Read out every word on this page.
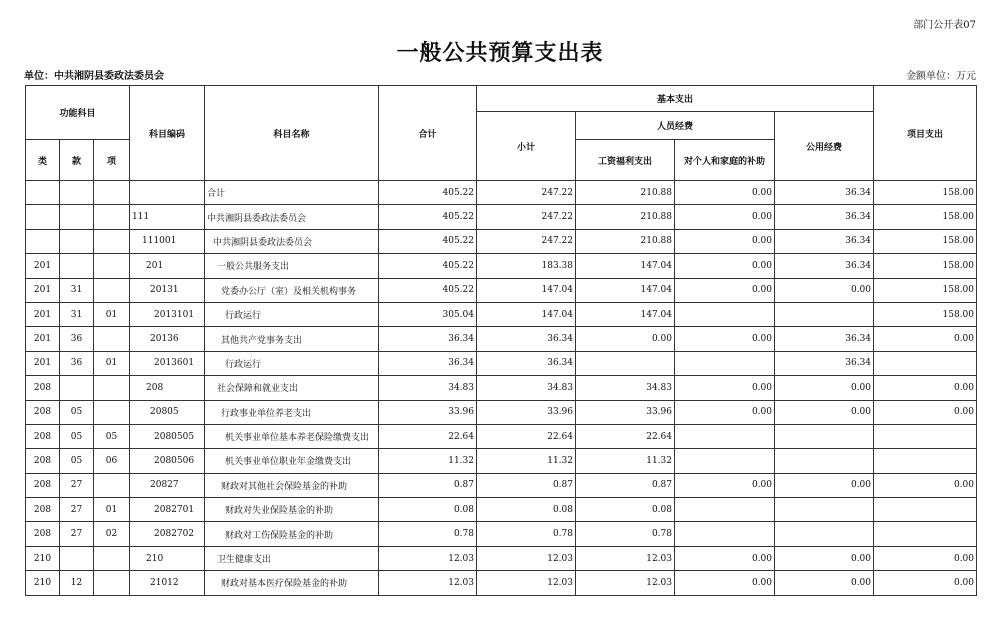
部门公开表07
一般公共预算支出表
单位：中共湘阴县委政法委员会	金额单位：万元
功能科目			科目编码	科目名称	合计	基本支出				项目支出
						小计	人员经费		公用经费	
类	款	项					工资福利支出	对个人和家庭的补助		
				合计	405.22	247.22	210.88	0.00	36.34	158.00
			111	中共湘阴县委政法委员会	405.22	247.22	210.88	0.00	36.34	158.00
			111001	中共湘阴县委政法委员会	405.22	247.22	210.88	0.00	36.34	158.00
201			201	一般公共服务支出	405.22	183.38	147.04	0.00	36.34	158.00
201	31		20131	党委办公厅（室）及相关机构事务	405.22	147.04	147.04	0.00	0.00	158.00
201	31	01	2013101	行政运行	305.04	147.04	147.04			158.00
201	36		20136	其他共产党事务支出	36.34	36.34	0.00	0.00	36.34	0.00
201	36	01	2013601	行政运行	36.34	36.34			36.34	
208			208	社会保障和就业支出	34.83	34.83	34.83	0.00	0.00	0.00
208	05		20805	行政事业单位养老支出	33.96	33.96	33.96	0.00	0.00	0.00
208	05	05	2080505	机关事业单位基本养老保险缴费支出	22.64	22.64	22.64			
208	05	06	2080506	机关事业单位职业年金缴费支出	11.32	11.32	11.32			
208	27		20827	财政对其他社会保险基金的补助	0.87	0.87	0.87	0.00	0.00	0.00
208	27	01	2082701	财政对失业保险基金的补助	0.08	0.08	0.08			
208	27	02	2082702	财政对工伤保险基金的补助	0.78	0.78	0.78			
210			210	卫生健康支出	12.03	12.03	12.03	0.00	0.00	0.00
210	12		21012	财政对基本医疗保险基金的补助	12.03	12.03	12.03	0.00	0.00	0.00
